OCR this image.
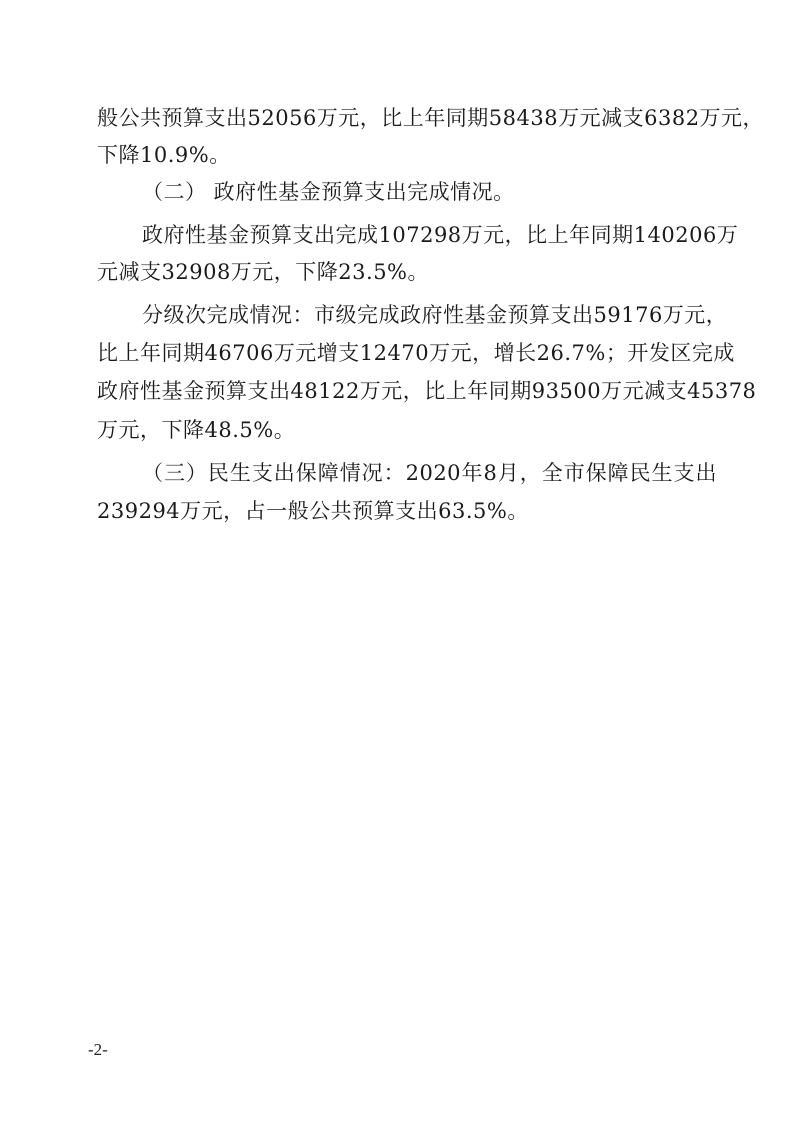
般公共预算支出52056万元，比上年同期58438万元减支6382万元，
下降10.9%。
（二） 政府性基金预算支出完成情况。
政府性基金预算支出完成107298万元，比上年同期140206万
元减支32908万元，下降23.5%。
分级次完成情况：市级完成政府性基金预算支出59176万元，
比上年同期46706万元增支12470万元，增长26.7%；开发区完成
政府性基金预算支出48122万元，比上年同期93500万元减支45378
万元，下降48.5%。
（三）民生支出保障情况：2020年8月，全市保障民生支出
239294万元，占一般公共预算支出63.5%。
-2-
